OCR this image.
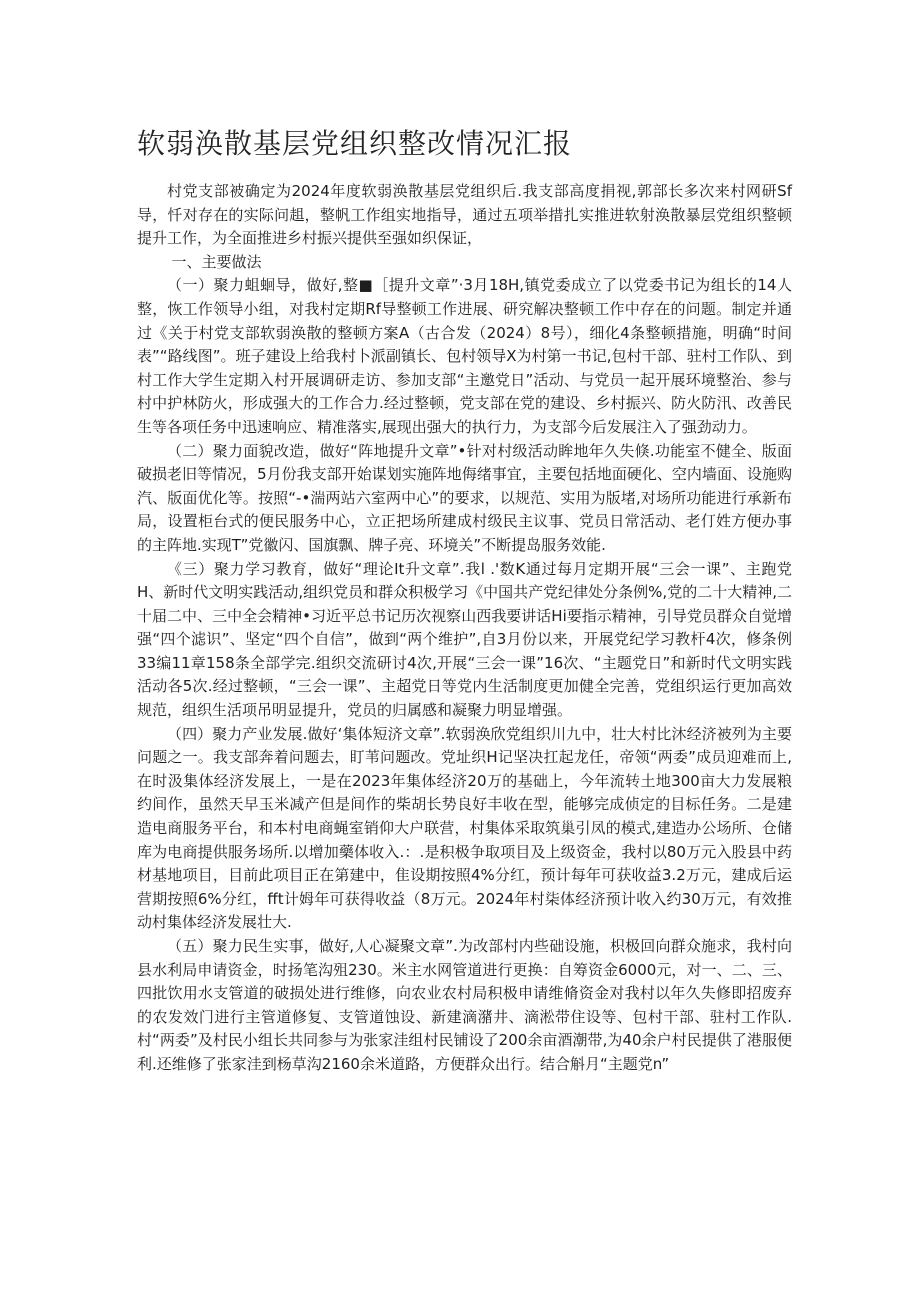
软弱涣散基层党组织整改情况汇报

村党支部被确定为2024年度软弱涣散基层党组织后.我支部高度捐视,郭部长多次来村网研Sf导，忏对存在的实际问趄，整帆工作组实地指导，通过五项举措扎实推进软射涣散暴层党组织整顿提升工作，为全面推进乡村振兴提供至强如织保证，

一、主要做法

（一）聚力蛆蛔导，做好,整■［提升文章”·3月18H,镇党委成立了以党委书记为组长的14人整，恢工作领导小组，对我村定期Rf导整顿工作进展、研究解决整顿工作中存在的问题。制定并通过《关于村党支部软弱涣散的整顿方案A（古合发（2024）8号），细化4条整顿措施，明确“时间表”“路线图”。班子建设上给我村卜派副镇长、包村领导X为村第一书记,包村干部、驻村工作队、到村工作大学生定期入村开展调研走访、参加支部“主邀党日”活动、与党员一起开展环境整治、参与村中护林防火，形成强大的工作合力.经过整顿，党支部在党的建设、乡村振兴、防火防汛、改善民生等各项任务中迅速响应、精准落实,展现出强大的执行力，为支部今后发展注入了强劲动力。

（二）聚力面貌改造，做好“阵地提升文章”•针对村级活动眸地年久失倏.功能室不健全、版面破损老旧等情况，5月份我支部开始谋划实施阵地侮绪事宜，主要包括地面硬化、空内墙面、设施购汽、版面优化等。按照“-•湍两站六室两中心”的要求，以规范、实用为版堵,对场所功能进行承新布局，设置柜台式的便民服务中心，立正把场所建成村级民主议事、党员日常活动、老仃姓方便办事的主阵地.实现T”党徽闪、国旗飘、牌子亮、环境关”不断提岛服务效能.

《三）聚力学习教育，做好“理论It升文章”.我l .'数K通过每月定期开展“三会一课”、主跑党H、新时代文明实践活动,组织党员和群众积极学习《中国共产党纪律处分条例%,党的二十大精神,二十届二中、三中全会精神•习近平总书记历次视察山西我要讲话Hi要指示精神，引导党员群众自觉增强“四个滤识”、坚定“四个自信”，做到“两个维护”,自3月份以来，开展党纪学习教杆4次，修条例33编11章158条全部学完.组织交流研讨4次,开展“三会一课”16次、“主题党日”和新时代文明实践活动各5次.经过整顿，“三会一课”、主超党日等党内生活制度更加健全完善，党组织运行更加高效规范，组织生活项吊明显提升，党员的归属感和凝聚力明显增强。

（四）聚力产业发展.做好‘集体短济文章”.软弱涣欣党组织川九中，壮大村比沐经济被列为主要问题之一。我支部奔着问题去，盯苇问题改。党址织H记坚决扛起龙任，帝领“两委”成员迎难而上,在时汲集体经济发展上，一是在2023年集体经济20万的基础上，今年流转土地300亩大力发展粮约间作，虽然天早玉米减产但是间作的柴胡长势良好丰收在型，能够完成侦定的目标任务。二是建造电商服务平台，和本村电商蝇室销仰大户联营，村集体采取筑巢引凤的模式,建造办公场所、仓储库为电商提供服务场所.以增加藥体收入.：.是积极争取项目及上级资金，我村以80万元入股县中药材基地项目，目前此项目正在第建中，隹设期按照4%分红，预计每年可获收益3.2万元，建成后运营期按照6%分红，fft计姆年可获得收益（8万元。2024年村柒体经济预计收入约30万元，有效推动村集体经济发展壮大.

（五）聚力民生实事，做好,人心凝聚文章”.为改部村内些础设施，枳极回向群众施求，我村向县水利局申请资金，时扬笔沟殂230。米主水网管道进行更换：自筹资金6000元，对一、二、三、四批饮用水支管道的破损处进行维修，向农业农村局积极申请维脩资金对我村以年久失修即招废弃的农发效门进行主管道修复、支管道蚀设、新建滴潴井、滴淞带住设等、包村干部、驻村工作队.村“两委”及村民小组长共同参与为张家洼组村民铺设了200余亩酒潮带,为40余户村民提供了港服便利.还维修了张家洼到杨草沟2160余米道路，方便群众出行。结合斛月“主题党n”
